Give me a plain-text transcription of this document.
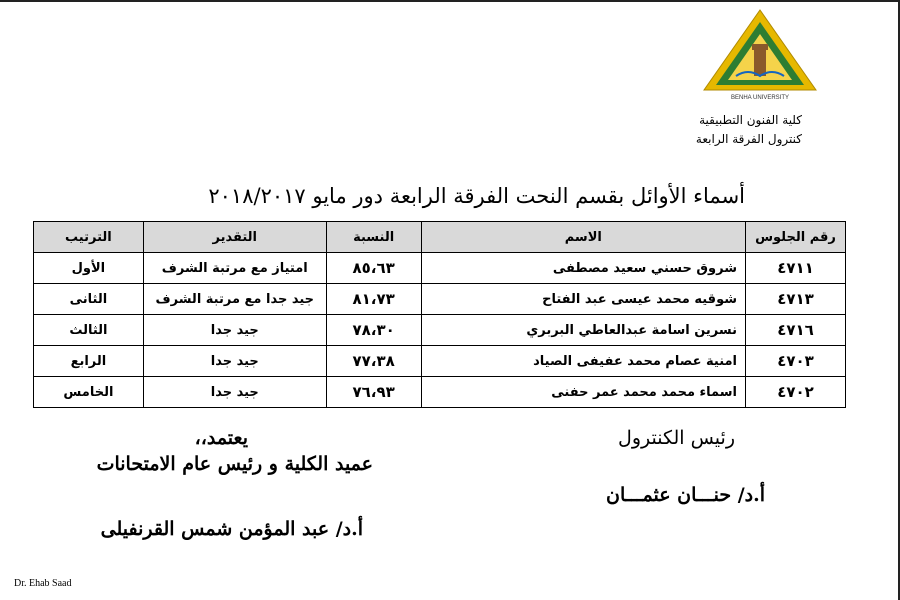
BENHA UNIVERSITY
كلية الفنون التطبيقية
كنترول الفرقة الرابعة
أسماء الأوائل بقسم النحت الفرقة الرابعة دور مايو ٢٠١٨/٢٠١٧
رقم الجلوس	الاسم	النسبة	التقدير	الترتيب
٤٧١١	شروق حسني سعيد مصطفى	٨٥،٦٣	امتياز مع مرتبة الشرف	الأول
٤٧١٣	شوقيه محمد عيسى عبد الفتاح	٨١،٧٣	جيد جدا مع مرتبة الشرف	الثانى
٤٧١٦	نسرين اسامة عبدالعاطي البربري	٧٨،٣٠	جيد جدا	الثالث
٤٧٠٣	امنية عصام محمد عفيفى الصياد	٧٧،٣٨	جيد جدا	الرابع
٤٧٠٢	اسماء محمد محمد عمر حفنى	٧٦،٩٣	جيد جدا	الخامس
رئيس الكنترول
أ.د/ حنـــان عثمـــان
يعتمد،،
عميد الكلية و رئيس عام الامتحانات
أ.د/ عبد المؤمن شمس القرنفيلى
Dr. Ehab Saad
